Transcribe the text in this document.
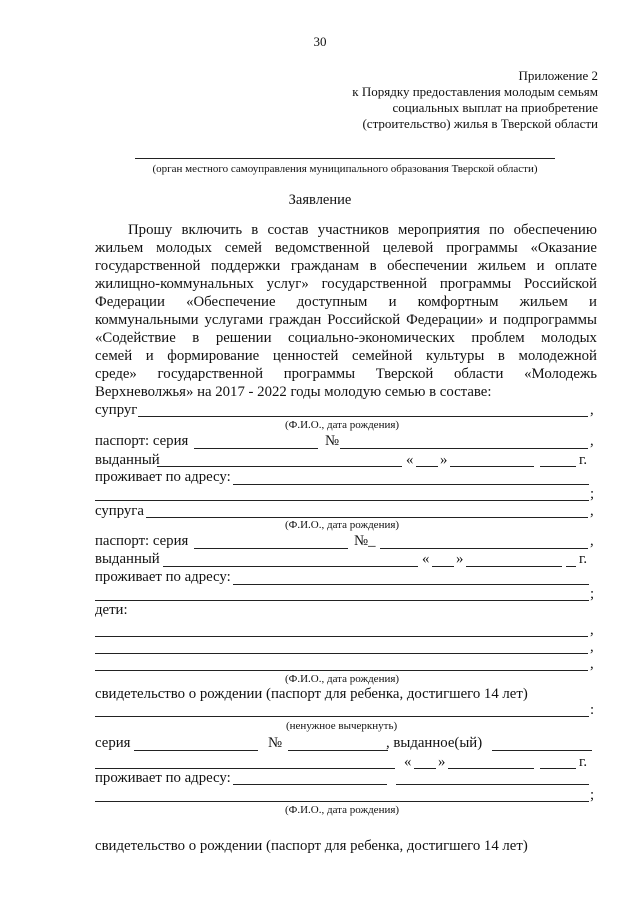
30
Приложение 2
к Порядку предоставления молодым семьям
социальных выплат на приобретение
(строительство) жилья в Тверской области
(орган местного самоуправления муниципального образования Тверской области)
Заявление
Прошу включить в состав участников мероприятия по обеспечению
жильем молодых семей ведомственной целевой программы «Оказание
государственной поддержки гражданам в обеспечении жильем и оплате
жилищно-коммунальных услуг» государственной программы Российской
Федерации «Обеспечение доступным и комфортным жильем и
коммунальными услугами граждан Российской Федерации» и подпрограммы
«Содействие в решении социально-экономических проблем молодых
семей и формирование ценностей семейной культуры в молодежной
среде» государственной программы Тверской области «Молодежь
Верхневолжья» на 2017 - 2022 годы молодую семью в составе:
супруг	,
(Ф.И.О., дата рождения)
паспорт: серия	№	,
выданный	« »	г.
проживает по адресу:
;
супруга	,
(Ф.И.О., дата рождения)
паспорт: серия	№_	,
выданный	« »	г.
проживает по адресу:
;
дети:
,
,
,
(Ф.И.О., дата рождения)
свидетельство о рождении (паспорт для ребенка, достигшего 14 лет)
:
(ненужное вычеркнуть)
серия	№	, выданное(ый)
« »	г.
проживает по адресу:
;
(Ф.И.О., дата рождения)
свидетельство о рождении (паспорт для ребенка, достигшего 14 лет)
